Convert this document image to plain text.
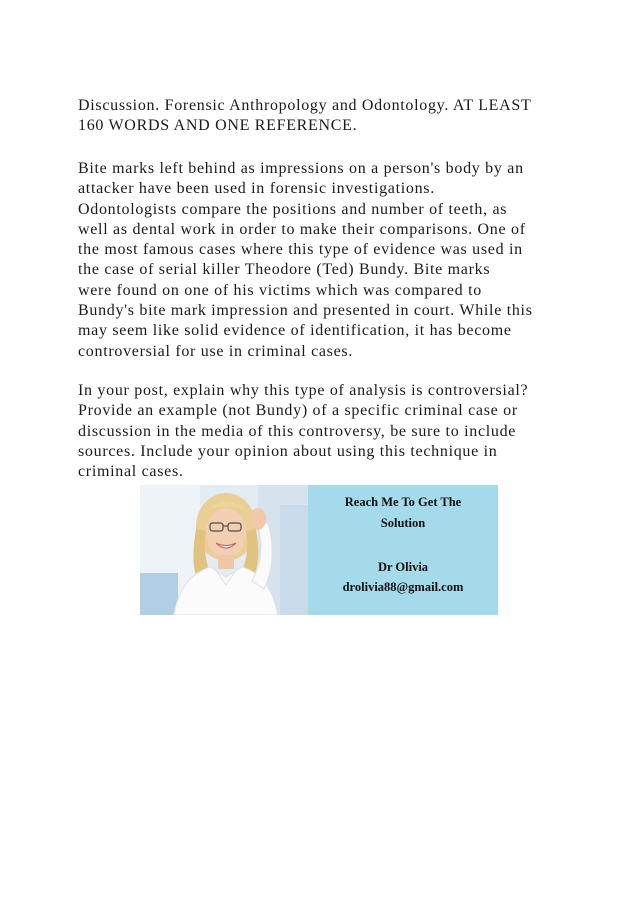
Discussion. Forensic Anthropology and Odontology. AT LEAST
160 WORDS AND ONE REFERENCE.

Bite marks left behind as impressions on a person's body by an
attacker have been used in forensic investigations.
Odontologists compare the positions and number of teeth, as
well as dental work in order to make their comparisons. One of
the most famous cases where this type of evidence was used in
the case of serial killer Theodore (Ted) Bundy. Bite marks
were found on one of his victims which was compared to
Bundy's bite mark impression and presented in court. While this
may seem like solid evidence of identification, it has become
controversial for use in criminal cases.

In your post, explain why this type of analysis is controversial?
Provide an example (not Bundy) of a specific criminal case or
discussion in the media of this controversy, be sure to include
sources. Include your opinion about using this technique in
criminal cases.

Reach Me To Get The

Solution

Dr Olivia

drolivia88@gmail.com
